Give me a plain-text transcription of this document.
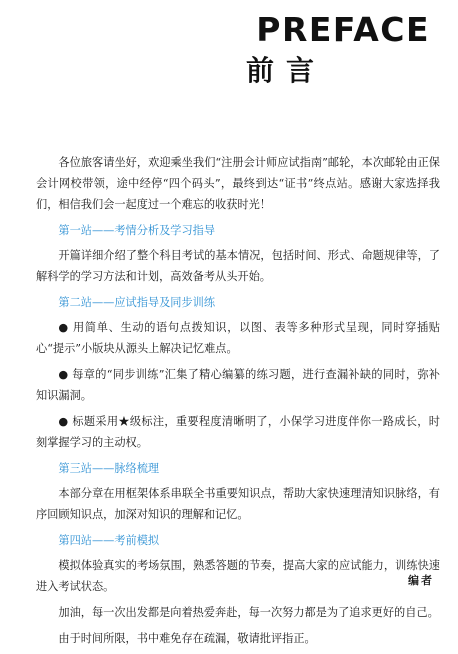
PREFACE
前言

各位旅客请坐好，欢迎乘坐我们“注册会计师应试指南”邮轮，本次邮轮由正保会计网校带领，途中经停“四个码头”，最终到达“证书”终点站。感谢大家选择我们，相信我们会一起度过一个难忘的收获时光！

第一站——考情分析及学习指导

开篇详细介绍了整个科目考试的基本情况，包括时间、形式、命题规律等，了解科学的学习方法和计划，高效备考从头开始。

第二站——应试指导及同步训练

● 用简单、生动的语句点拨知识，以图、表等多种形式呈现，同时穿插贴心“提示”小版块从源头上解决记忆难点。

● 每章的“同步训练”汇集了精心编纂的练习题，进行查漏补缺的同时，弥补知识漏洞。

● 标题采用★级标注，重要程度清晰明了，小保学习进度伴你一路成长，时刻掌握学习的主动权。

第三站——脉络梳理

本部分章在用框架体系串联全书重要知识点，帮助大家快速理清知识脉络，有序回顾知识点，加深对知识的理解和记忆。

第四站——考前模拟

模拟体验真实的考场氛围，熟悉答题的节奏，提高大家的应试能力，训练快速进入考试状态。

加油，每一次出发都是向着热爱奔赴，每一次努力都是为了追求更好的自己。

由于时间所限，书中难免存在疏漏，敬请批评指正。

编者
